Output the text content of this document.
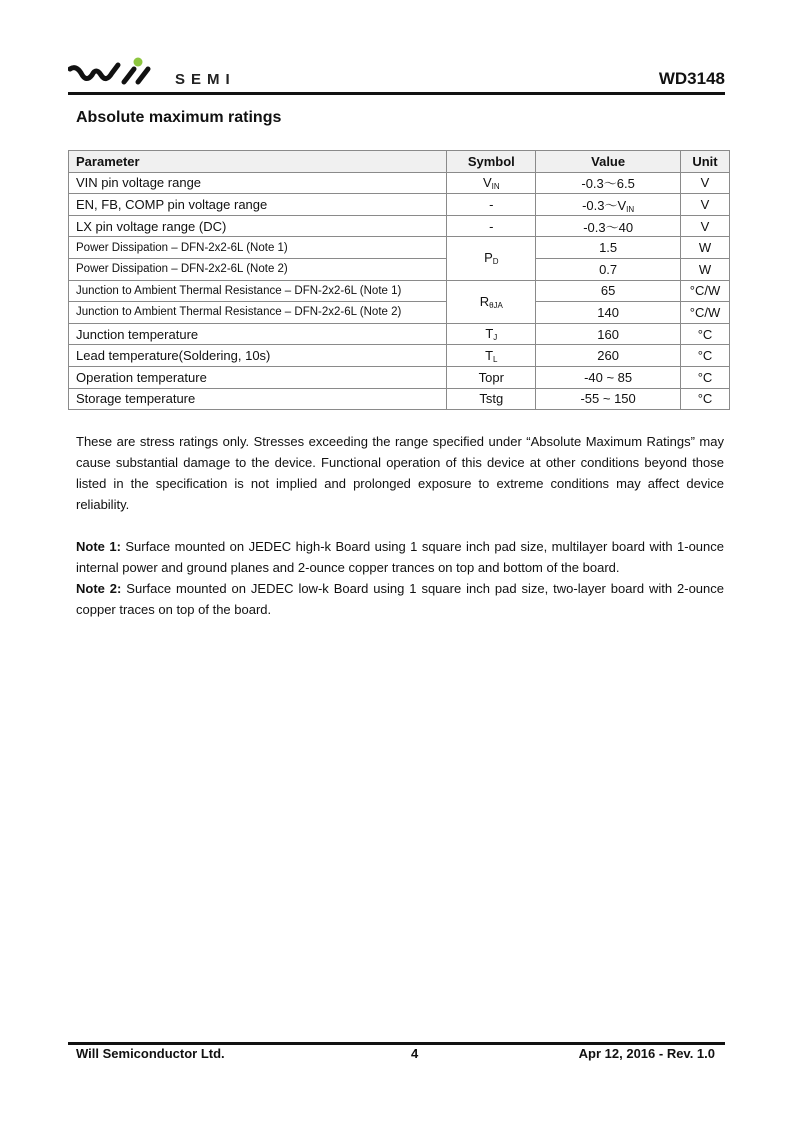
SEMI	WD3148
Absolute maximum ratings
Parameter	Symbol	Value	Unit
VIN pin voltage range	$V_{IN}$	-0.3～6.5	V
EN, FB, COMP pin voltage range	-	$-0.3\sim V_{IN}$	V
LX pin voltage range (DC)	-	-0.3～40	V
Power Dissipation – DFN-2x2-6L (Note 1)	$P_D$	1.5	W
Power Dissipation – DFN-2x2-6L (Note 2)		0.7	W
Junction to Ambient Thermal Resistance – DFN-2x2-6L (Note 1)	$R_{\theta JA}$	65	°C/W
Junction to Ambient Thermal Resistance – DFN-2x2-6L (Note 2)		140	°C/W
Junction temperature	$T_J$	160	°C
Lead temperature(Soldering, 10s)	$T_L$	260	°C
Operation temperature	Topr	-40 ~ 85	°C
Storage temperature	Tstg	-55 ~ 150	°C
These are stress ratings only. Stresses exceeding the range specified under “Absolute Maximum Ratings” may cause substantial damage to the device. Functional operation of this device at other conditions beyond those listed in the specification is not implied and prolonged exposure to extreme conditions may affect device reliability.
Note 1: Surface mounted on JEDEC high-k Board using 1 square inch pad size, multilayer board with 1-ounce internal power and ground planes and 2-ounce copper trances on top and bottom of the board.
Note 2: Surface mounted on JEDEC low-k Board using 1 square inch pad size, two-layer board with 2-ounce copper traces on top of the board.
Will Semiconductor Ltd.	4	Apr 12, 2016 - Rev. 1.0
